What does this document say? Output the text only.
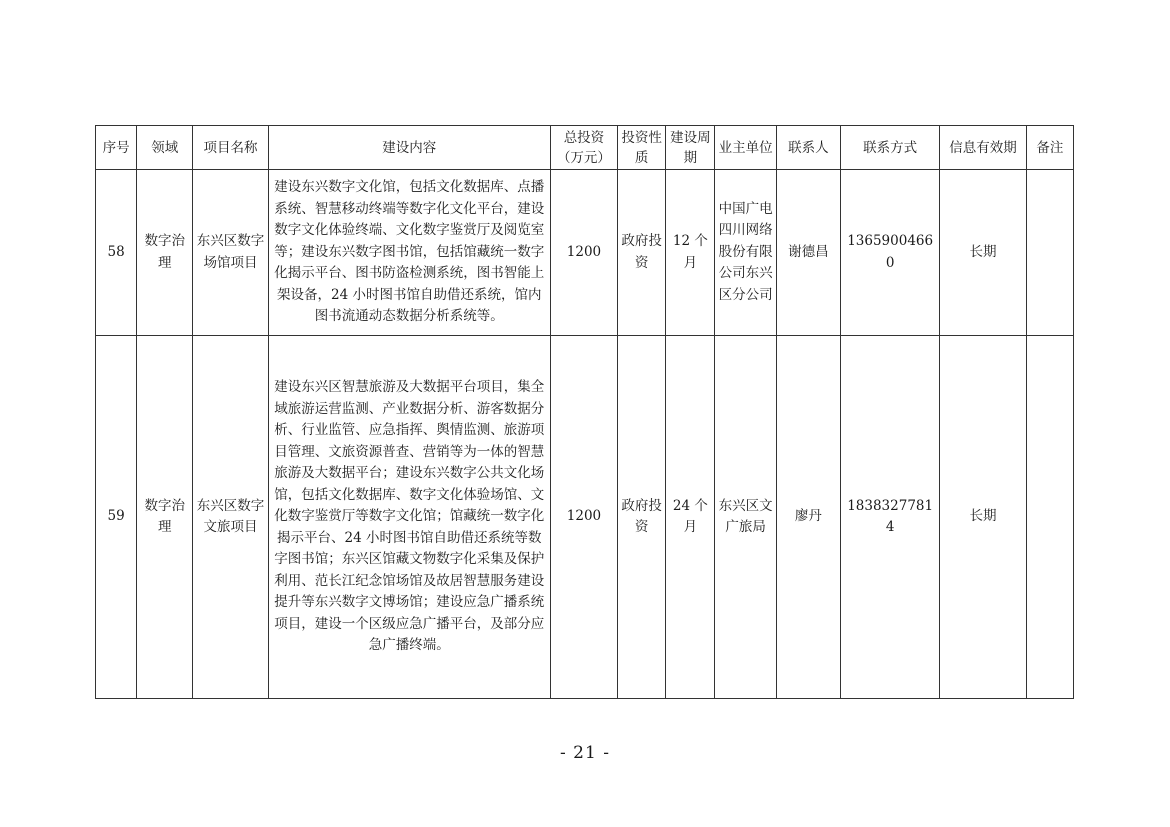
序号	领域	项目名称	建设内容	总投资（万元）	投资性质	建设周期	业主单位	联系人	联系方式	信息有效期	备注
58	数字治理	东兴区数字场馆项目	建设东兴数字文化馆，包括文化数据库、点播系统、智慧移动终端等数字化文化平台，建设数字文化体验终端、文化数字鉴赏厅及阅览室等；建设东兴数字图书馆，包括馆藏统一数字化揭示平台、图书防盗检测系统，图书智能上架设备，24 小时图书馆自助借还系统，馆内图书流通动态数据分析系统等。	1200	政府投资	12 个月	中国广电四川网络股份有限公司东兴区分公司	谢德昌	13659004660	长期	
59	数字治理	东兴区数字文旅项目	建设东兴区智慧旅游及大数据平台项目，集全域旅游运营监测、产业数据分析、游客数据分析、行业监管、应急指挥、舆情监测、旅游项目管理、文旅资源普查、营销等为一体的智慧旅游及大数据平台；建设东兴数字公共文化场馆，包括文化数据库、数字文化体验场馆、文化数字鉴赏厅等数字文化馆；馆藏统一数字化揭示平台、24 小时图书馆自助借还系统等数字图书馆；东兴区馆藏文物数字化采集及保护利用、范长江纪念馆场馆及故居智慧服务建设提升等东兴数字文博场馆；建设应急广播系统项目，建设一个区级应急广播平台，及部分应急广播终端。	1200	政府投资	24 个月	东兴区文广旅局	廖丹	18383277814	长期	
- 21 -
